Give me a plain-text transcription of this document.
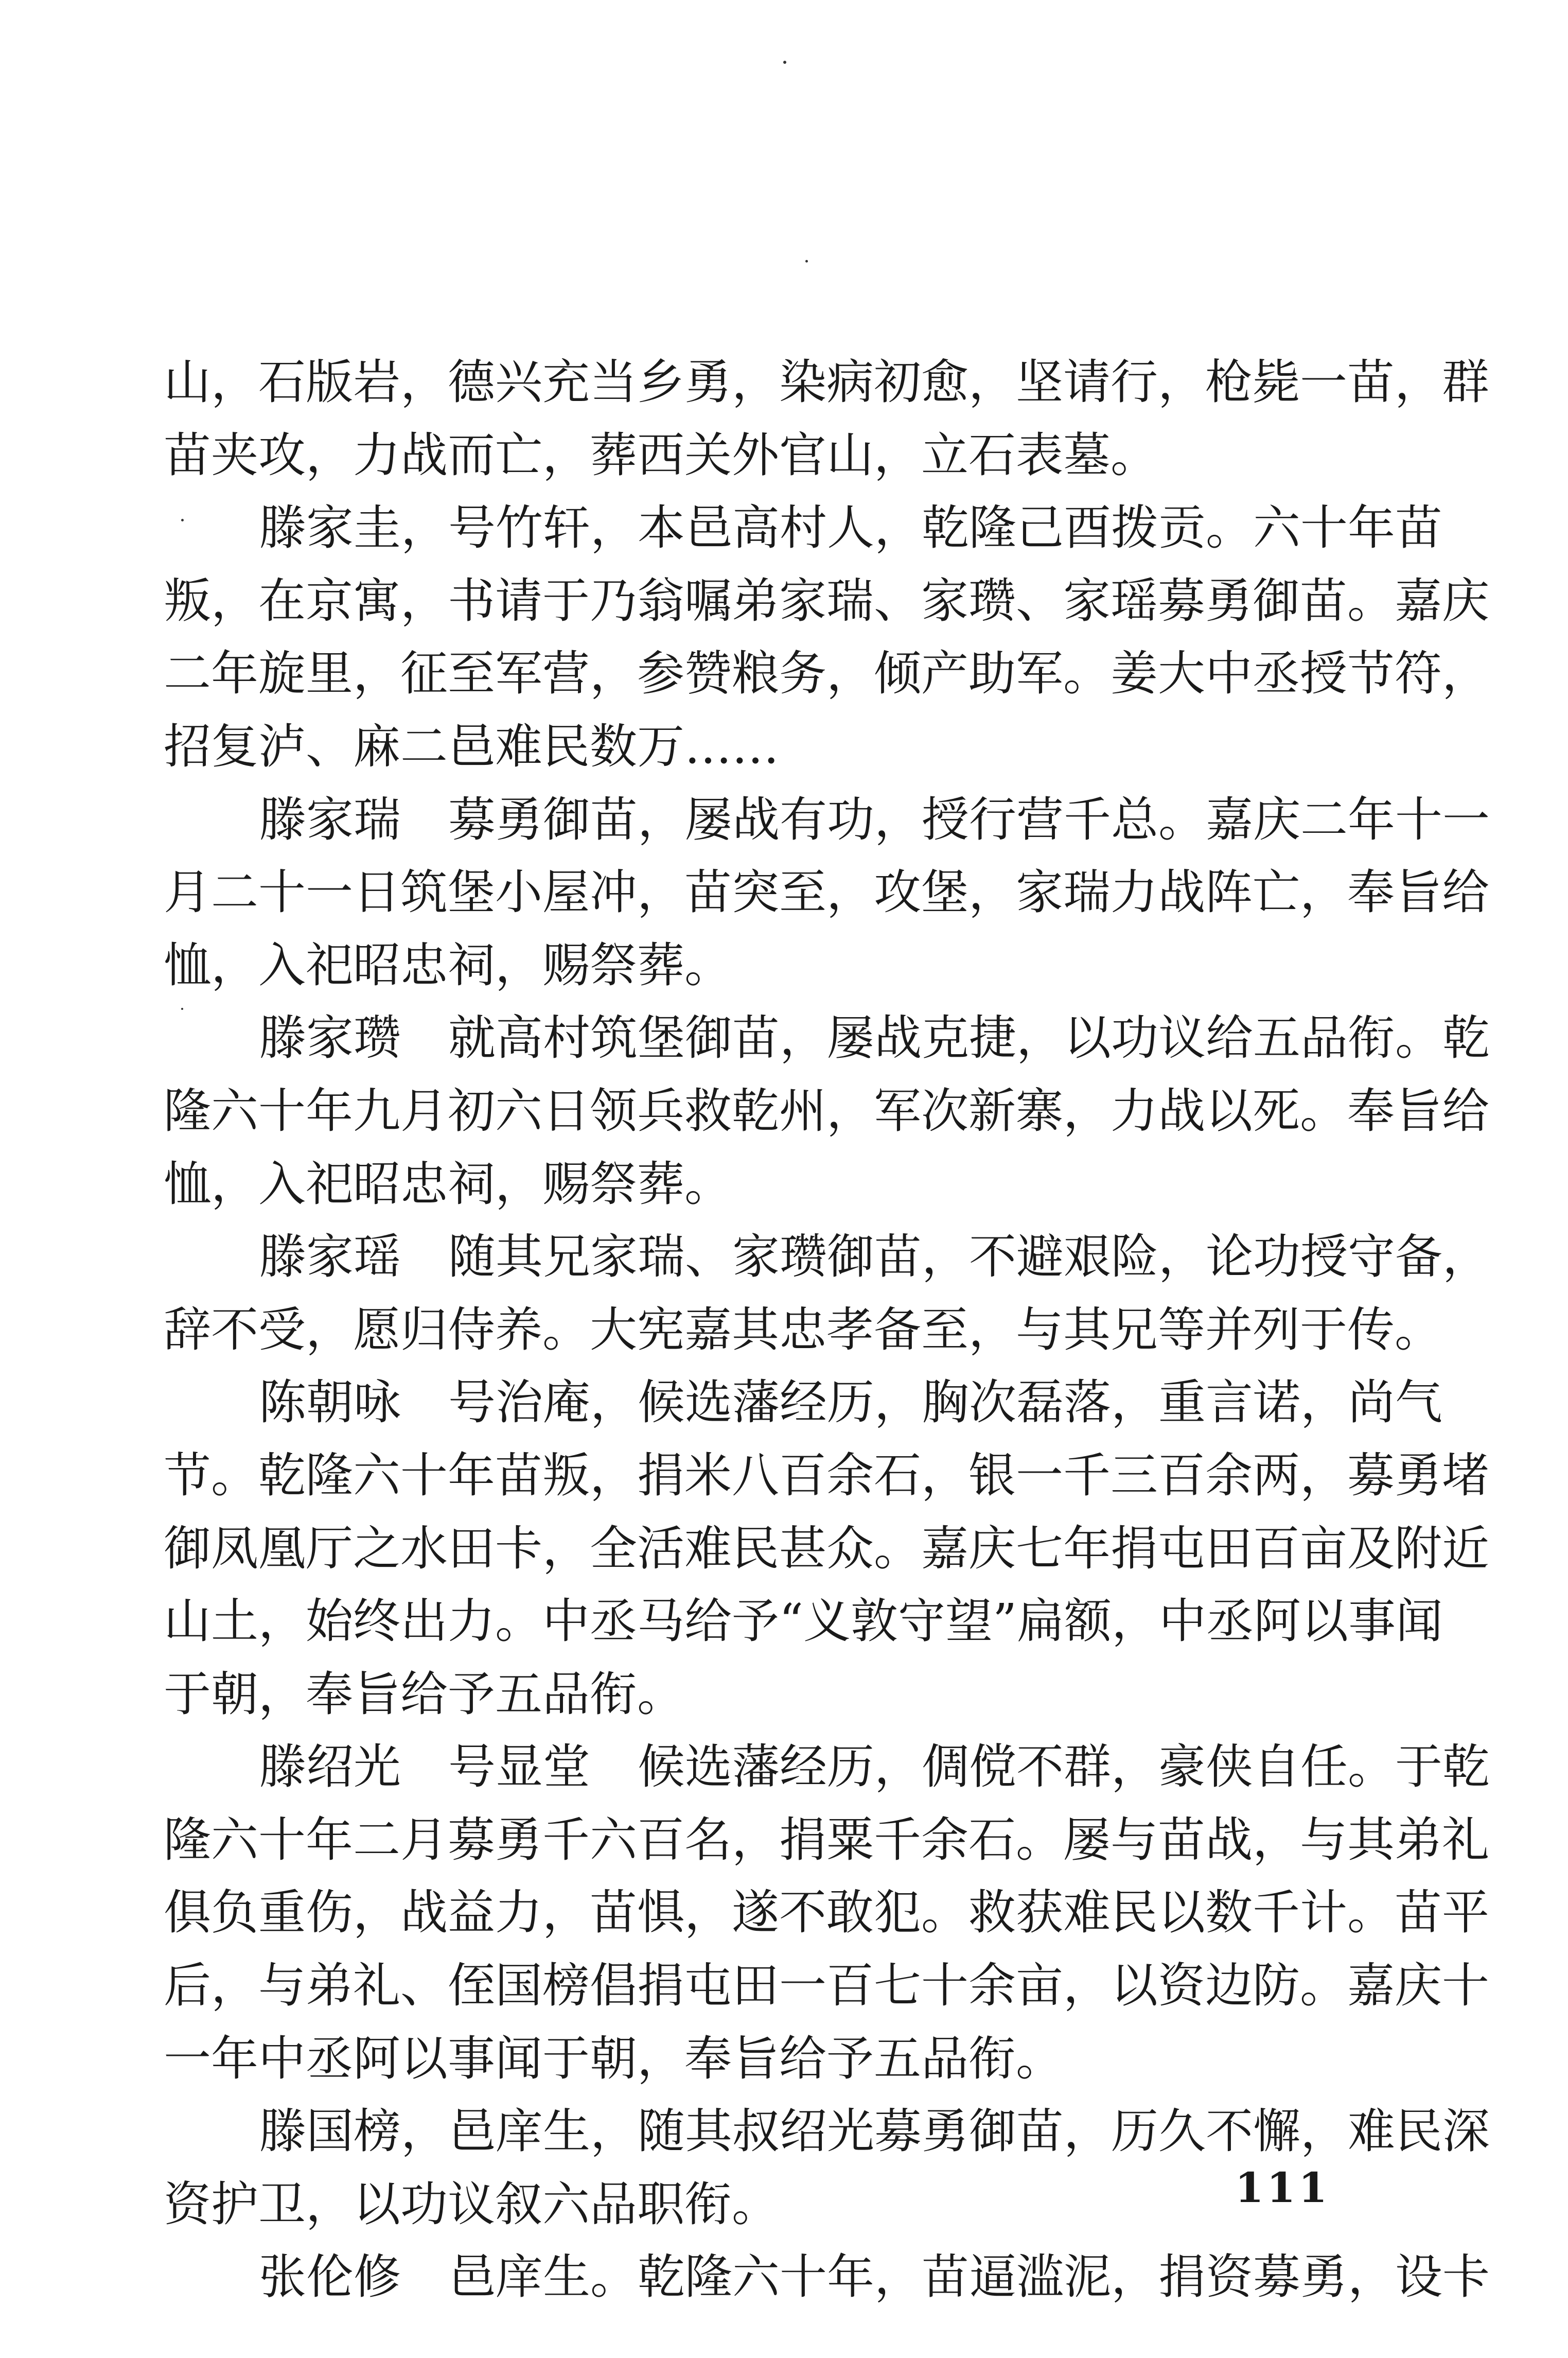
山，石版岩，德兴充当乡勇，染病初愈，坚请行，枪毙一苗，群
苗夹攻，力战而亡，葬西关外官山，立石表墓。
滕家圭，号竹轩，本邑高村人，乾隆己酉拨贡。六十年苗
叛，在京寓，书请于乃翁嘱弟家瑞、家瓒、家瑶募勇御苗。嘉庆
二年旋里，征至军营，参赞粮务，倾产助军。姜大中丞授节符，
招复泸、麻二邑难民数万……
滕家瑞　募勇御苗，屡战有功，授行营千总。嘉庆二年十一
月二十一日筑堡小屋冲，苗突至，攻堡，家瑞力战阵亡，奉旨给
恤，入祀昭忠祠，赐祭葬。
滕家瓒　就高村筑堡御苗，屡战克捷，以功议给五品衔。乾
隆六十年九月初六日领兵救乾州，军次新寨，力战以死。奉旨给
恤，入祀昭忠祠，赐祭葬。
滕家瑶　随其兄家瑞、家瓒御苗，不避艰险，论功授守备，
辞不受，愿归侍养。大宪嘉其忠孝备至，与其兄等并列于传。
陈朝咏　号治庵，候选藩经历，胸次磊落，重言诺，尚气
节。乾隆六十年苗叛，捐米八百余石，银一千三百余两，募勇堵
御凤凰厅之水田卡，全活难民甚众。嘉庆七年捐屯田百亩及附近
山土，始终出力。中丞马给予“义敦守望”扁额，中丞阿以事闻
于朝，奉旨给予五品衔。
滕绍光　号显堂　候选藩经历，倜傥不群，豪侠自任。于乾
隆六十年二月募勇千六百名，捐粟千余石。屡与苗战，与其弟礼
俱负重伤，战益力，苗惧，遂不敢犯。救获难民以数千计。苗平
后，与弟礼、侄国榜倡捐屯田一百七十余亩，以资边防。嘉庆十
一年中丞阿以事闻于朝，奉旨给予五品衔。
滕国榜，邑庠生，随其叔绍光募勇御苗，历久不懈，难民深
资护卫，以功议叙六品职衔。
张伦修　邑庠生。乾隆六十年，苗逼滥泥，捐资募勇，设卡
111
